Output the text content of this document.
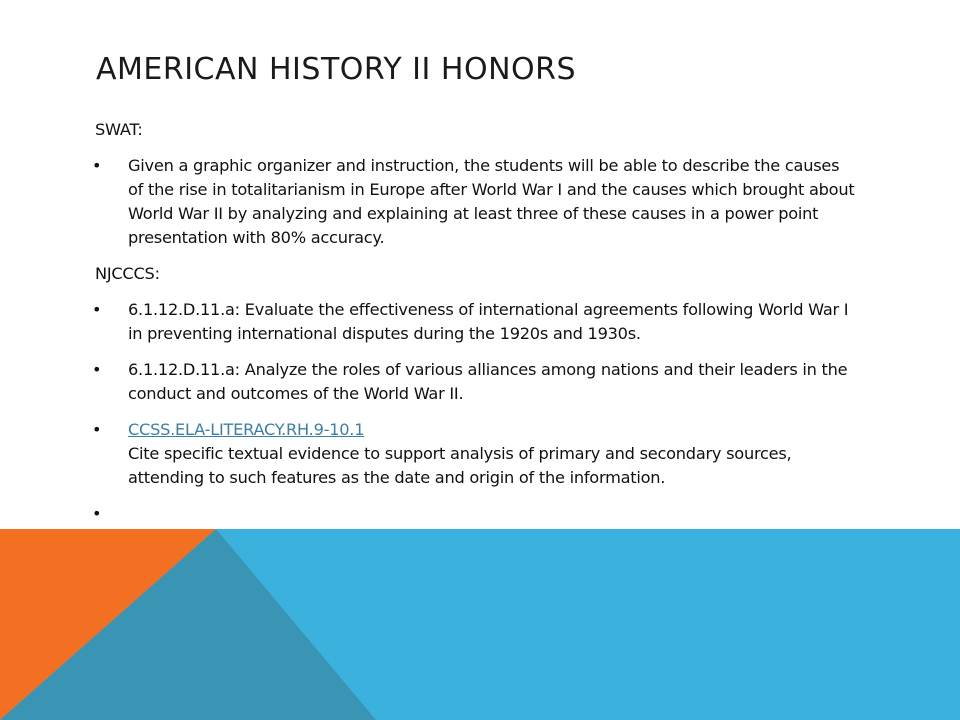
AMERICAN HISTORY II HONORS
SWAT:
• Given a graphic organizer and instruction, the students will be able to describe the causes of the rise in totalitarianism in Europe after World War I and the causes which brought about World War II by analyzing and explaining at least three of these causes in a power point presentation with 80% accuracy.
NJCCCS:
• 6.1.12.D.11.a: Evaluate the effectiveness of international agreements following World War I in preventing international disputes during the 1920s and 1930s.
• 6.1.12.D.11.a: Analyze the roles of various alliances among nations and their leaders in the conduct and outcomes of the World War II.
• CCSS.ELA-LITERACY.RH.9-10.1
Cite specific textual evidence to support analysis of primary and secondary sources, attending to such features as the date and origin of the information.
•
